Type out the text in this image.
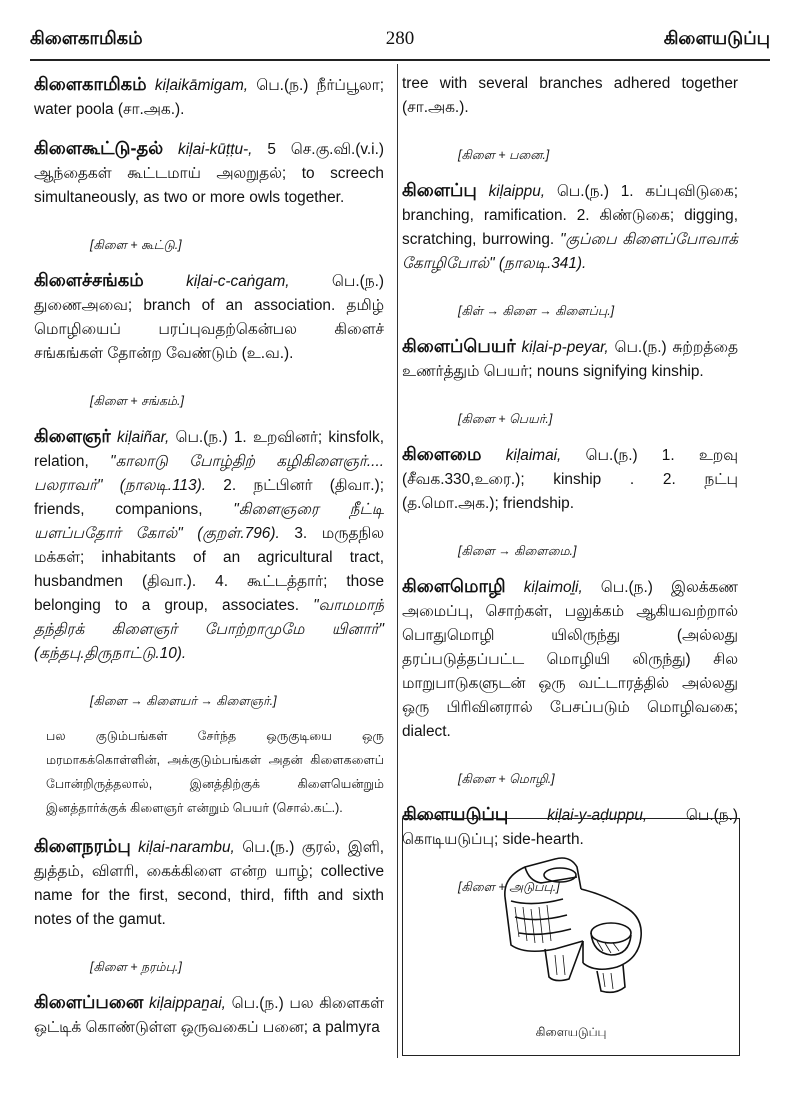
கிளைகாமிகம்	280	கிளையடுப்பு
கிளைகாமிகம் kiḷaikāmigam, பெ.(ந.) நீர்ப்பூலா; water poola (சா.அக.).
கிளைகூட்டு-தல் kiḷai-kūṭṭu-, 5 செ.கு.வி.(v.i.) ஆந்தைகள் கூட்டமாய் அலறுதல்; to screech simultaneously, as two or more owls together.
[கிளை + கூட்டு.]
கிளைச்சங்கம்	kiḷai-c-caṅgam, பெ.(ந.) துணைஅவை; branch of an association. தமிழ் மொழியைப் பரப்புவதற்கென்பல கிளைச் சங்கங்கள் தோன்ற வேண்டும் (உ.வ.).
[கிளை + சங்கம்.]
கிளைஞர் kiḷaiñar, பெ.(ந.) 1. உறவினர்; kinsfolk, relation, "காலாடு போழ்திற் கழிகிளைஞர்.... பலராவர்" (நாலடி.113). 2. நட்பினர் (திவா.); friends, companions, "கிளைஞரை நீட்டி யளப்பதோர் கோல்" (குறள்.796). 3. மருதநில மக்கள்; inhabitants of an agricultural tract, husbandmen (திவா.). 4. கூட்டத்தார்; those belonging to a group, associates. "வாமமாந் தந்திரக் கிளைஞர் போற்றாமுமே யினார்" (கந்தபு.திருநாட்டு.10).
[கிளை → கிளையர் → கிளைஞர்.]
பல குடும்பங்கள் சேர்ந்த ஒருகுடியை ஒரு மரமாகக்கொள்ளின், அக்குடும்பங்கள் அதன் கிளைகளைப் போன்றிருத்தலால், இனத்திற்குக் கிளையென்றும் இனத்தார்க்குக் கிளைஞர் என்றும் பெயர் (சொல்.கட்.).
கிளைநரம்பு kiḷai-narambu, பெ.(ந.) குரல், இளி, துத்தம், விளரி, கைக்கிளை என்ற யாழ்; collective name for the first, second, third, fifth and sixth notes of the gamut.
[கிளை + நரம்பு.]
கிளைப்பனை kiḷaippaṉai, பெ.(ந.) பல கிளைகள் ஒட்டிக் கொண்டுள்ள ஒருவகைப் பனை; a palmyra
tree with several branches adhered together (சா.அக.).
[கிளை + பனை.]
கிளைப்பு kiḷaippu, பெ.(ந.) 1. கப்புவிடுகை; branching, ramification. 2. கிண்டுகை; digging, scratching, burrowing. "குப்பை கிளைப்போவாக் கோழிபோல்" (நாலடி.341).
[கிள் → கிளை → கிளைப்பு.]
கிளைப்பெயர் kiḷai-p-peyar, பெ.(ந.) சுற்றத்தை உணர்த்தும் பெயர்; nouns signifying kinship.
[கிளை + பெயர்.]
கிளைமை kiḷaimai, பெ.(ந.) 1. உறவு (சீவக.330,உரை.); kinship . 2. நட்பு (த.மொ.அக.); friendship.
[கிளை → கிளைமை.]
கிளைமொழி kiḷaimoḻi, பெ.(ந.) இலக்கண அமைப்பு, சொற்கள், பலுக்கம் ஆகியவற்றால் பொதுமொழி யிலிருந்து (அல்லது தரப்படுத்தப்பட்ட மொழியி லிருந்து) சில மாறுபாடுகளுடன் ஒரு வட்டாரத்தில் அல்லது ஒரு பிரிவினரால் பேசப்படும் மொழிவகை; dialect.
[கிளை + மொழி.]
கிளையடுப்பு	kiḷai-y-aḍuppu, பெ.(ந.) கொடியடுப்பு; side-hearth.
[கிளை + அடுப்பு.]
கிளையடுப்பு
